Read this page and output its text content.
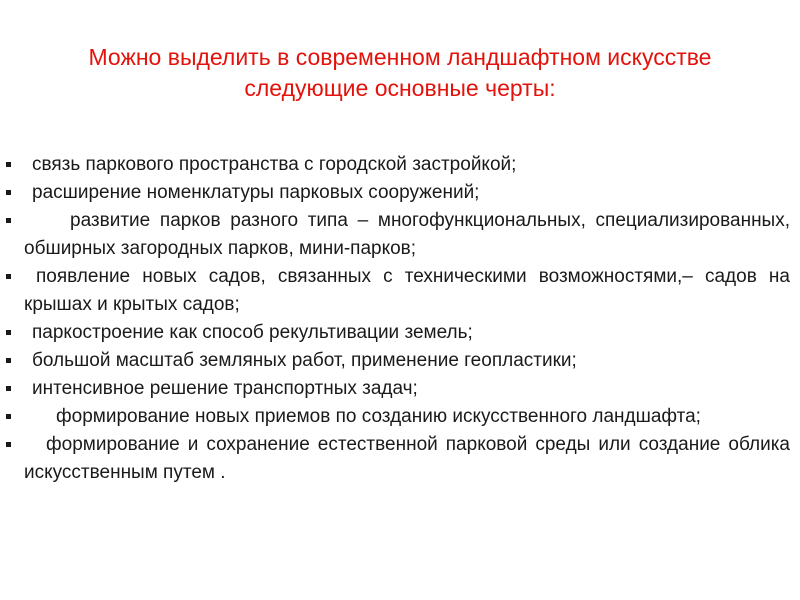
Можно выделить в современном ландшафтном искусстве
следующие основные черты:
связь паркового пространства с городской застройкой;
расширение номенклатуры парковых сооружений;
развитие парков разного типа – многофункциональных, специализированных, обширных загородных парков, мини-парков;
появление новых садов, связанных с техническими возможностями,– садов на крышах и крытых садов;
паркостроение как способ рекультивации земель;
большой масштаб земляных работ, применение геопластики;
интенсивное решение транспортных задач;
формирование новых приемов по созданию искусственного ландшафта;
формирование и сохранение естественной парковой среды или создание облика искусственным путем .
